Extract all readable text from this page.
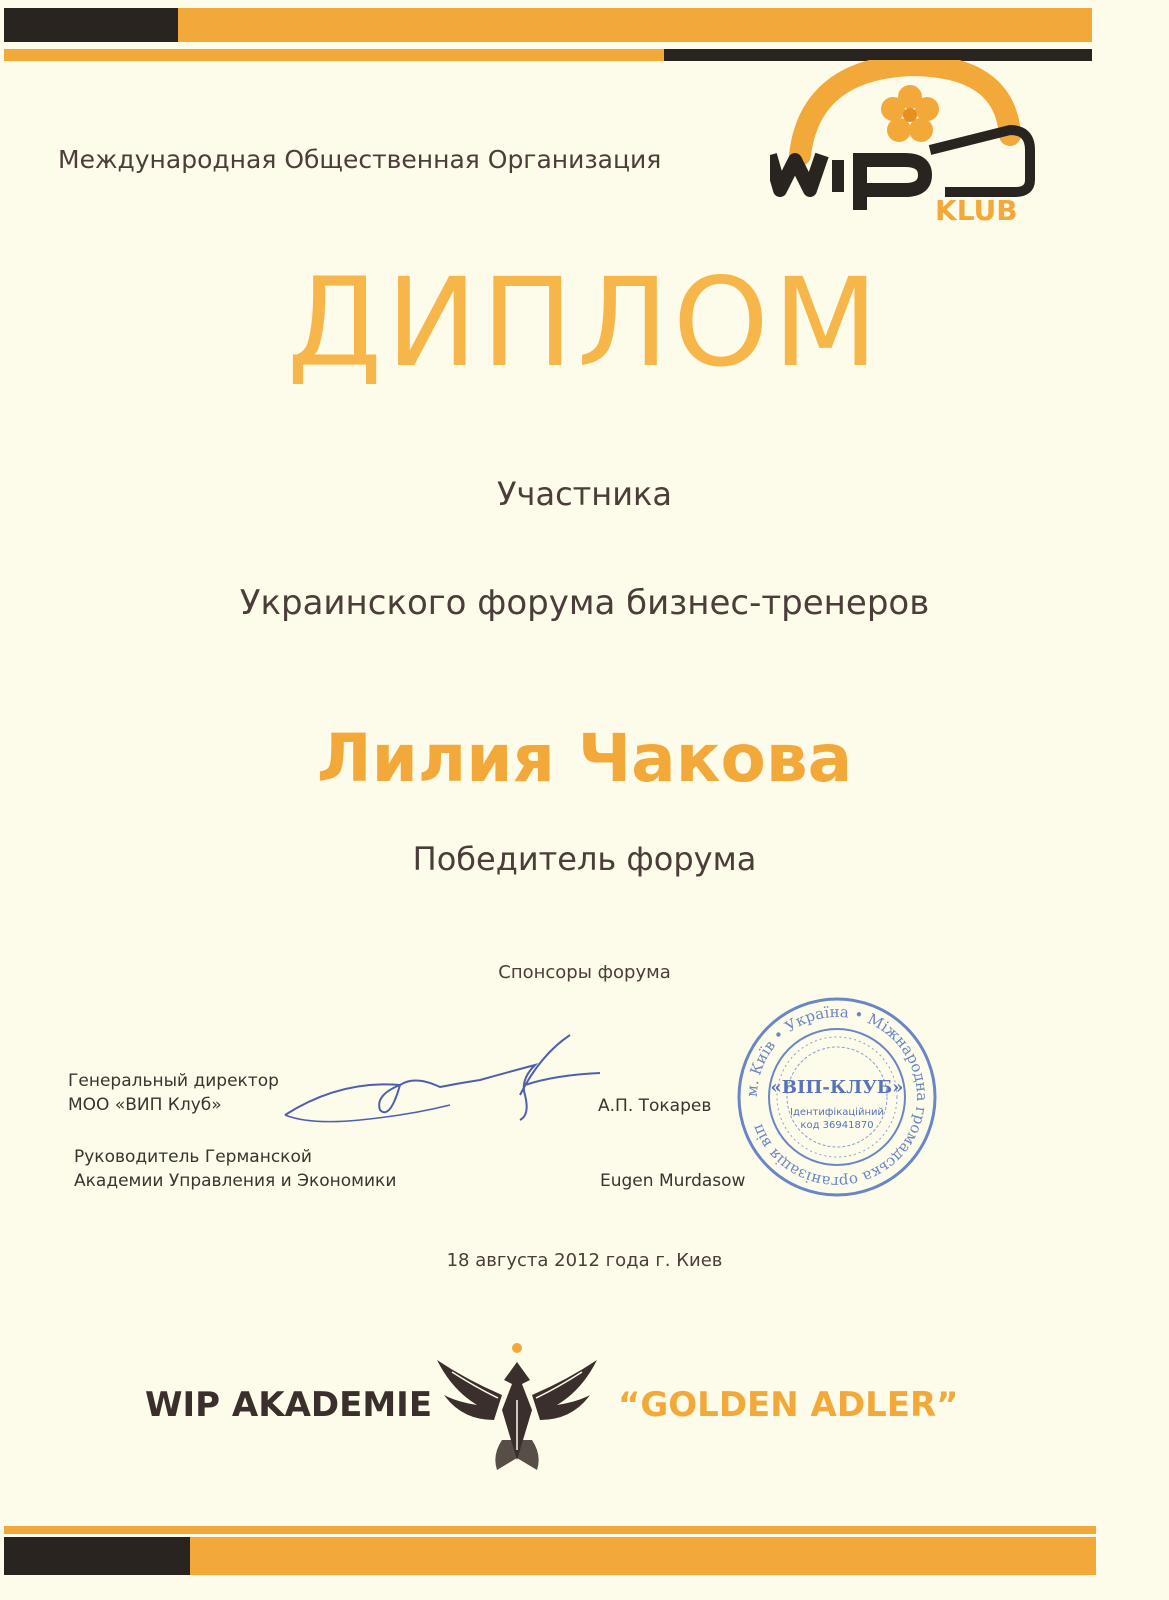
Международная Общественная Организация
KLUB
ДИПЛОМ
Участника
Украинского форума бизнес-тренеров
Лилия Чакова
Победитель форума
Спонсоры форума
Генеральный директор
МОО «ВИП Клуб»	А.П. Токарев
Руководитель Германской
Академии Управления и Экономики	Eugen Murdasow
м. Київ • Україна • Міжнародна громадська організація віп
«ВІП-КЛУБ»
Ідентифікаційний
код 36941870
18 августа 2012 года г. Киев
WIP AKADEMIE	“GOLDEN ADLER”
